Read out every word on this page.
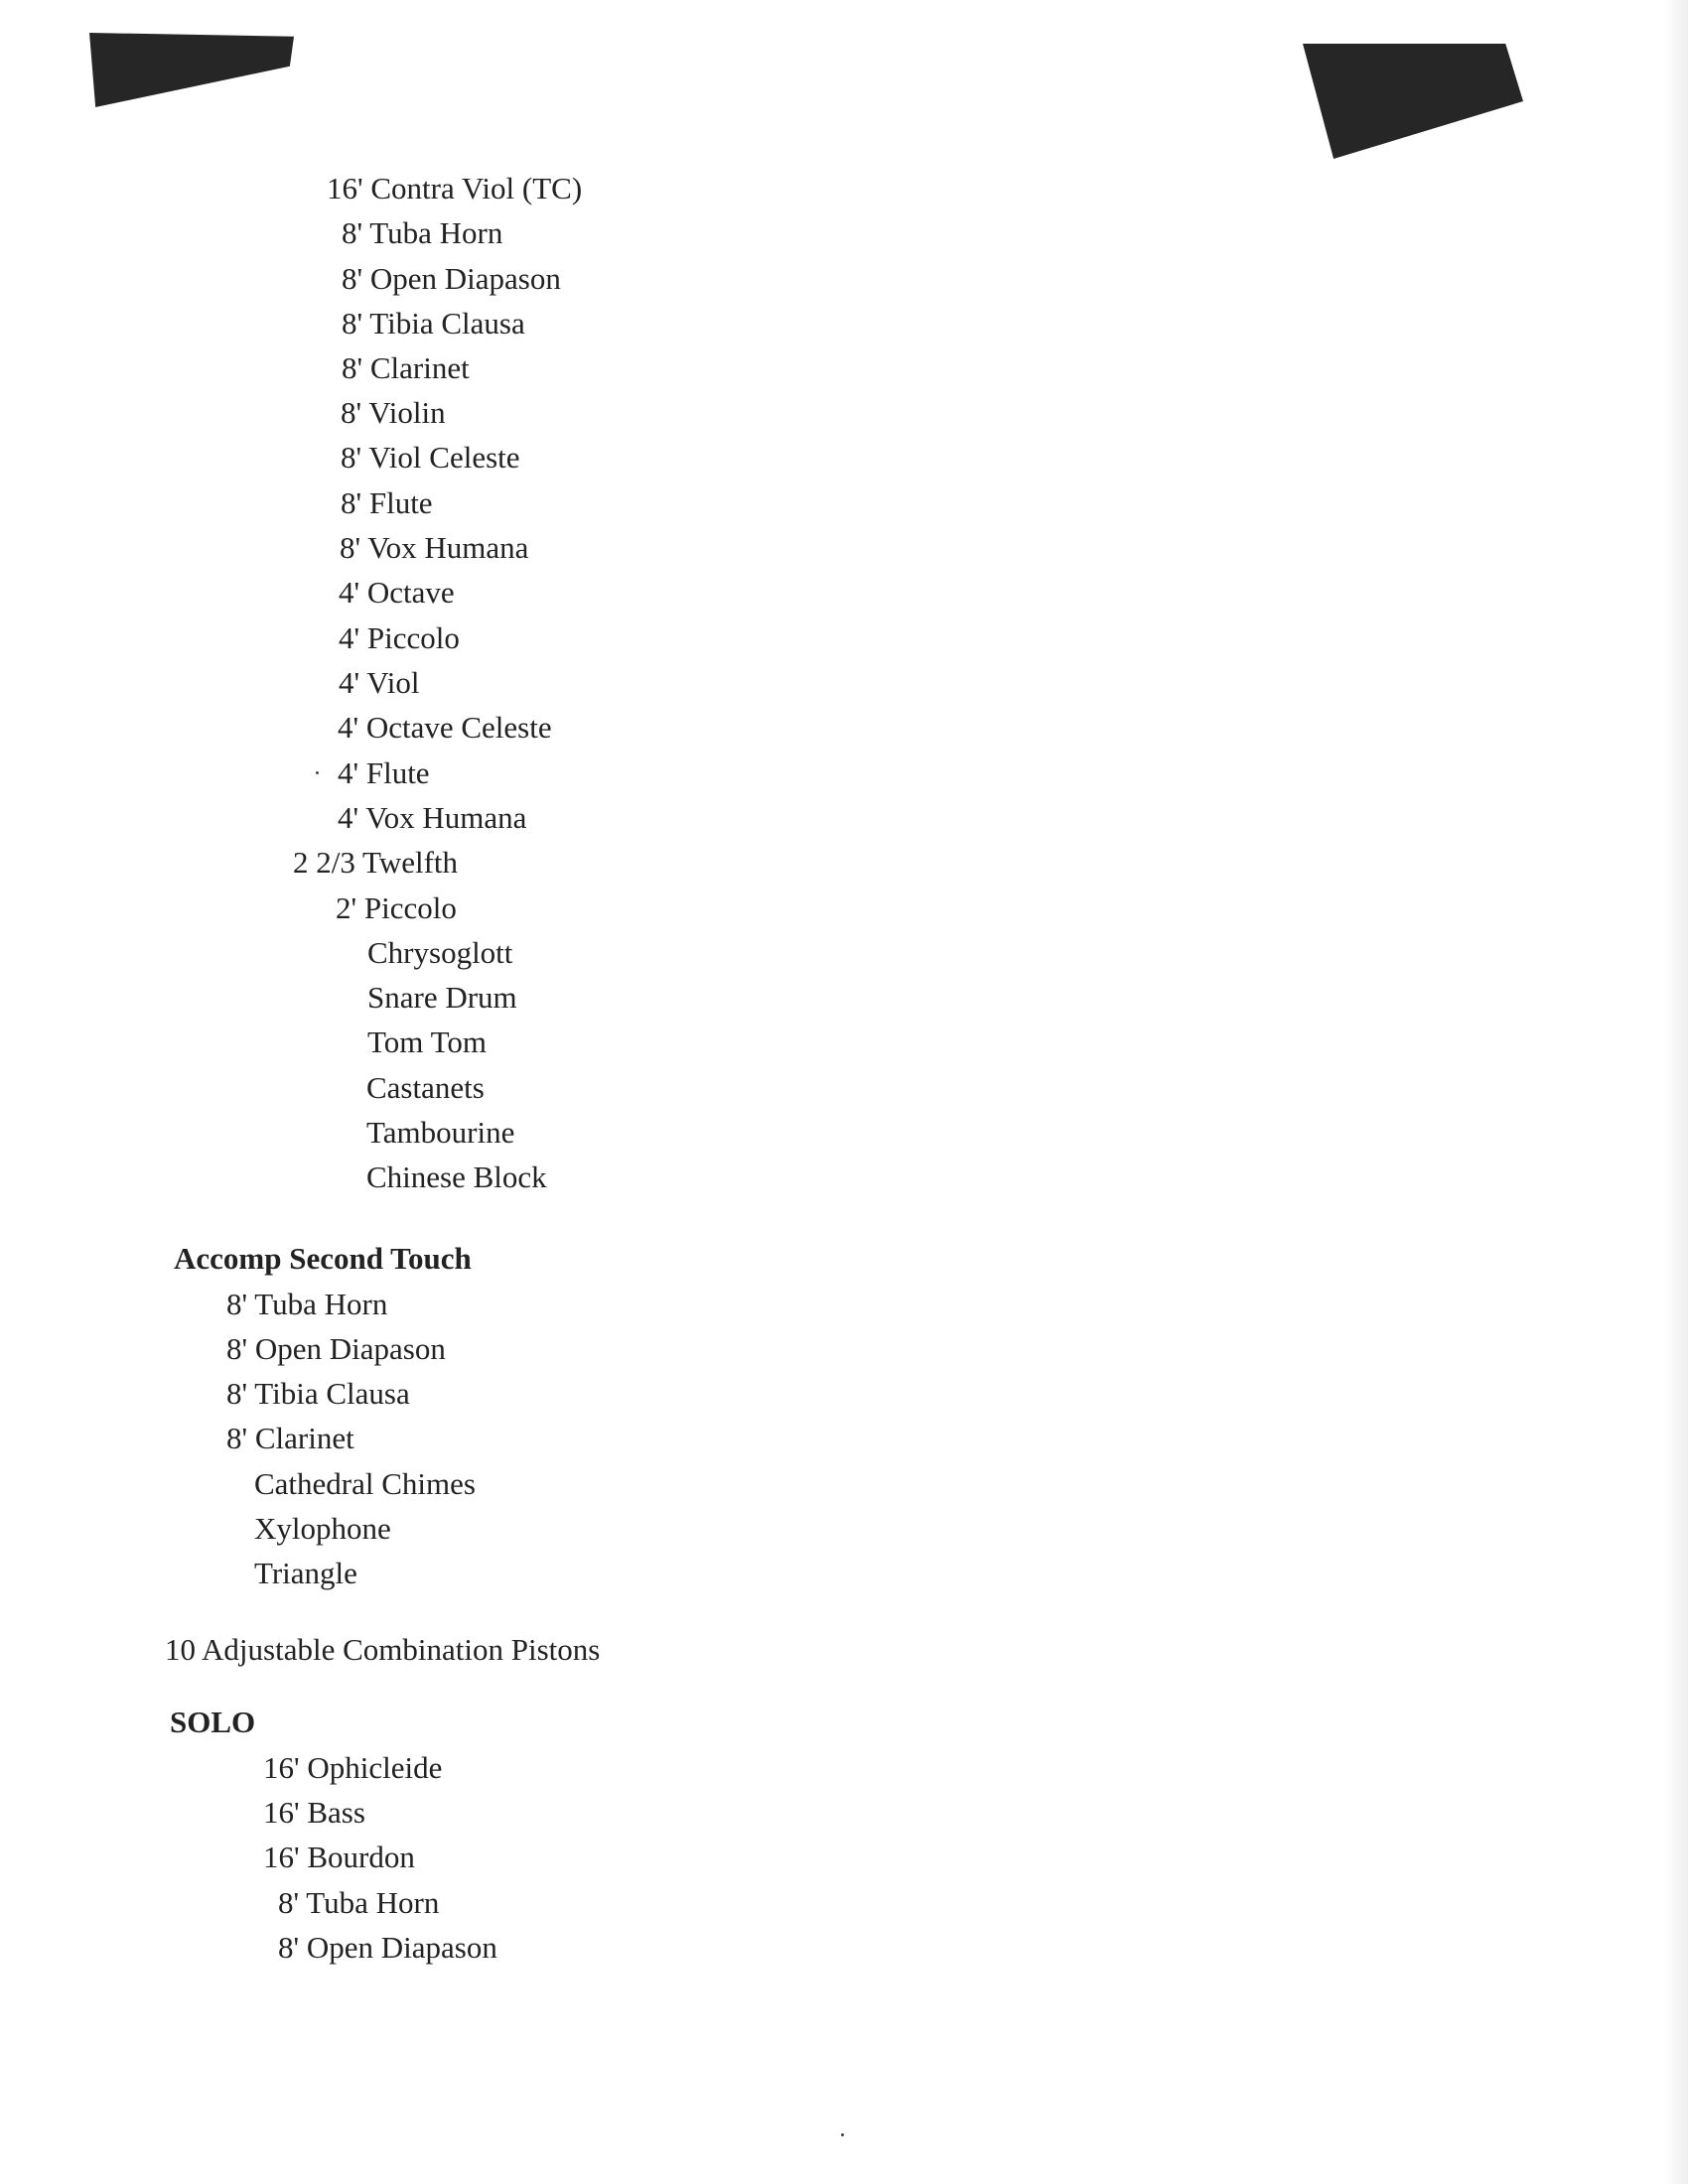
16' Contra Viol (TC)
8' Tuba Horn
8' Open Diapason
8' Tibia Clausa
8' Clarinet
8' Violin
8' Viol Celeste
8' Flute
8' Vox Humana
4' Octave
4' Piccolo
4' Viol
4' Octave Celeste
4' Flute
4' Vox Humana
2 2/3 Twelfth
2' Piccolo
Chrysoglott
Snare Drum
Tom Tom
Castanets
Tambourine
Chinese Block
Accomp Second Touch
8' Tuba Horn
8' Open Diapason
8' Tibia Clausa
8' Clarinet
Cathedral Chimes
Xylophone
Triangle
10 Adjustable Combination Pistons
SOLO
16' Ophicleide
16' Bass
16' Bourdon
8' Tuba Horn
8' Open Diapason
